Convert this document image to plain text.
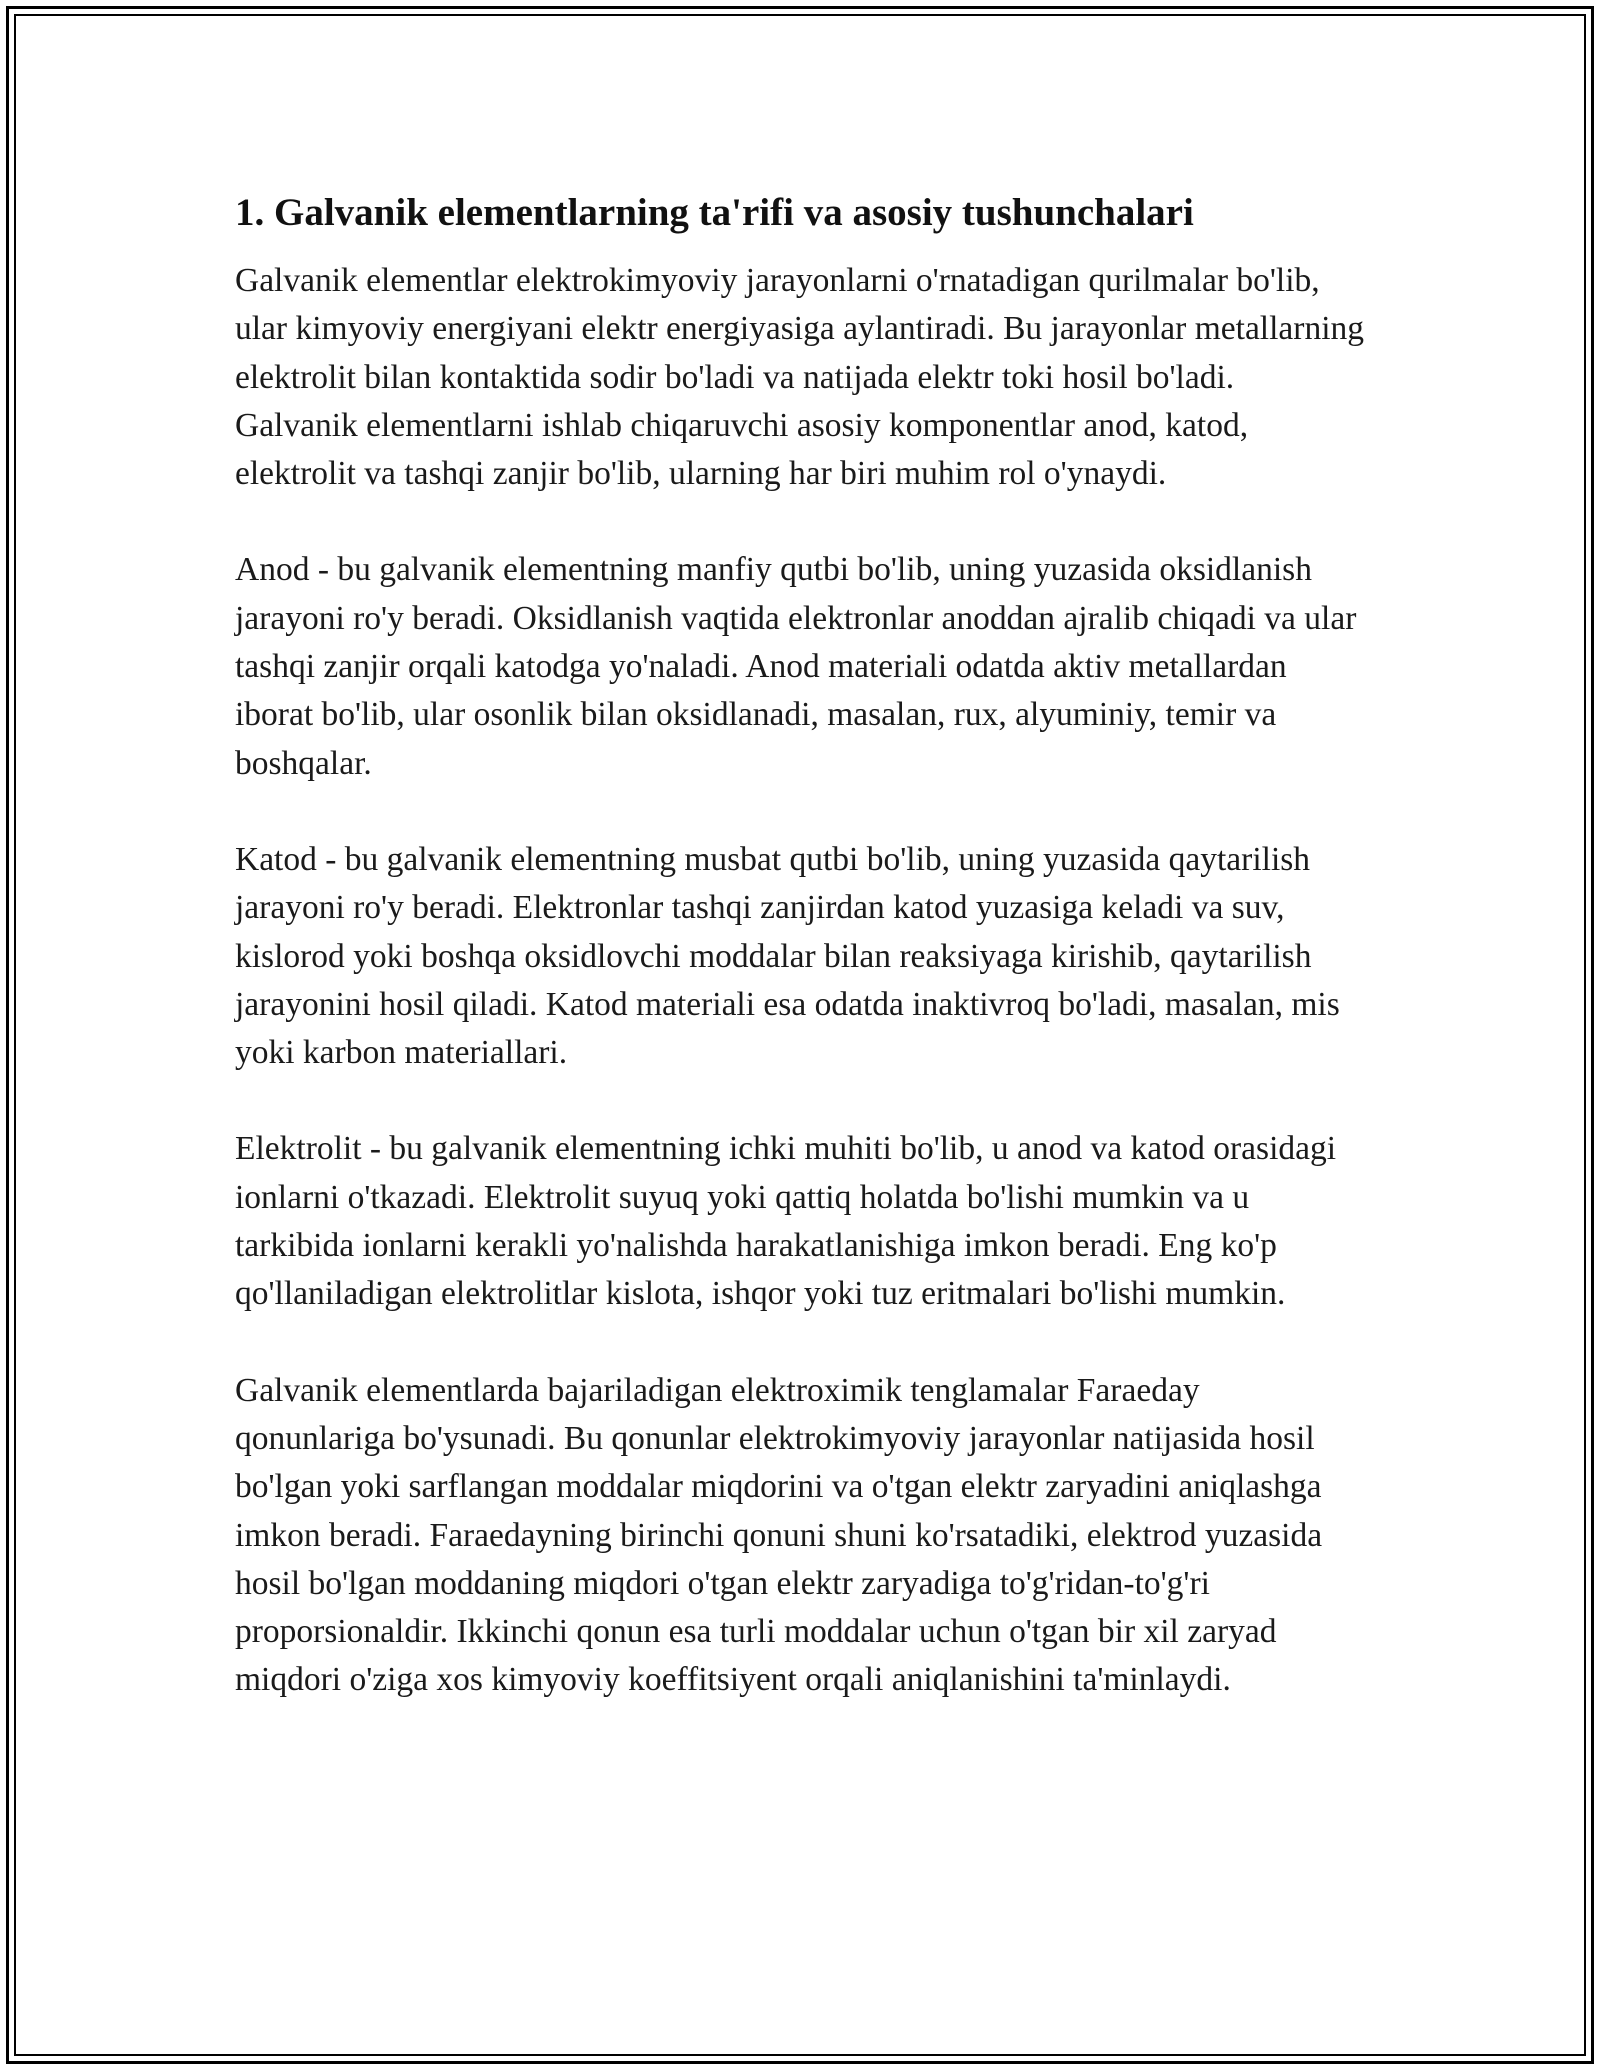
1. Galvanik elementlarning ta'rifi va asosiy tushunchalari

Galvanik elementlar elektrokimyoviy jarayonlarni o'rnatadigan qurilmalar bo'lib, ular kimyoviy energiyani elektr energiyasiga aylantiradi. Bu jarayonlar metallarning elektrolit bilan kontaktida sodir bo'ladi va natijada elektr toki hosil bo'ladi. Galvanik elementlarni ishlab chiqaruvchi asosiy komponentlar anod, katod, elektrolit va tashqi zanjir bo'lib, ularning har biri muhim rol o'ynaydi.

Anod - bu galvanik elementning manfiy qutbi bo'lib, uning yuzasida oksidlanish jarayoni ro'y beradi. Oksidlanish vaqtida elektronlar anoddan ajralib chiqadi va ular tashqi zanjir orqali katodga yo'naladi. Anod materiali odatda aktiv metallardan iborat bo'lib, ular osonlik bilan oksidlanadi, masalan, rux, alyuminiy, temir va boshqalar.

Katod - bu galvanik elementning musbat qutbi bo'lib, uning yuzasida qaytarilish jarayoni ro'y beradi. Elektronlar tashqi zanjirdan katod yuzasiga keladi va suv, kislorod yoki boshqa oksidlovchi moddalar bilan reaksiyaga kirishib, qaytarilish jarayonini hosil qiladi. Katod materiali esa odatda inaktivroq bo'ladi, masalan, mis yoki karbon materiallari.

Elektrolit - bu galvanik elementning ichki muhiti bo'lib, u anod va katod orasidagi ionlarni o'tkazadi. Elektrolit suyuq yoki qattiq holatda bo'lishi mumkin va u tarkibida ionlarni kerakli yo'nalishda harakatlanishiga imkon beradi. Eng ko'p qo'llaniladigan elektrolitlar kislota, ishqor yoki tuz eritmalari bo'lishi mumkin.

Galvanik elementlarda bajariladigan elektroximik tenglamalar Faraeday qonunlariga bo'ysunadi. Bu qonunlar elektrokimyoviy jarayonlar natijasida hosil bo'lgan yoki sarflangan moddalar miqdorini va o'tgan elektr zaryadini aniqlashga imkon beradi. Faraedayning birinchi qonuni shuni ko'rsatadiki, elektrod yuzasida hosil bo'lgan moddaning miqdori o'tgan elektr zaryadiga to'g'ridan-to'g'ri proporsionaldir. Ikkinchi qonun esa turli moddalar uchun o'tgan bir xil zaryad miqdori o'ziga xos kimyoviy koeffitsiyent orqali aniqlanishini ta'minlaydi.
